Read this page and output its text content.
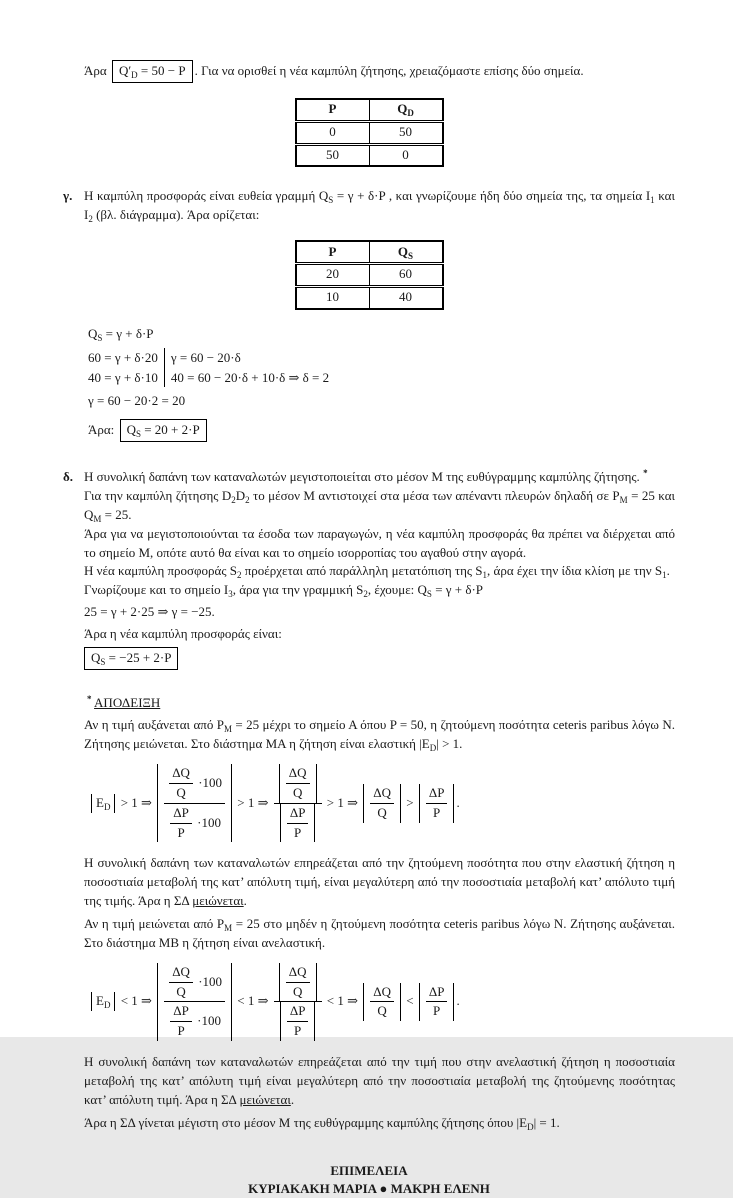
Άρα $Q'_D = 50 - P$ . Για να ορισθεί η νέα καμπύλη ζήτησης, χρειαζόμαστε επίσης δύο σημεία.
P	$Q_D$
0	50
50	0
γ. Η καμπύλη προσφοράς είναι ευθεία γραμμή $Q_S = \gamma + \delta\cdot P$ , και γνωρίζουμε ήδη δύο σημεία της, τα σημεία $I_1$ και $I_2$ (βλ. διάγραμμα). Άρα ορίζεται:
P	$Q_S$
20	60
10	40
$Q_S = \gamma + \delta\cdot P$
60 = γ + δ·20
40 = γ + δ·10
γ = 60 − 20·δ
40 = 60 − 20·δ + 10·δ ⇒ δ = 2
γ = 60 − 20·2 = 20
Άρα: $Q_S = 20 + 2\cdot P$
δ. Η συνολική δαπάνη των καταναλωτών μεγιστοποιείται στο μέσον Μ της ευθύγραμμης καμπύλης ζήτησης. *
Για την καμπύλη ζήτησης $D_2D_2$ το μέσον Μ αντιστοιχεί στα μέσα των απέναντι πλευρών δηλαδή σε $P_M = 25$ και $Q_M = 25$.
Άρα για να μεγιστοποιούνται τα έσοδα των παραγωγών, η νέα καμπύλη προσφοράς θα πρέπει να διέρχεται από το σημείο Μ, οπότε αυτό θα είναι και το σημείο ισορροπίας του αγαθού στην αγορά.
Η νέα καμπύλη προσφοράς $S_2$ προέρχεται από παράλληλη μετατόπιση της $S_1$, άρα έχει την ίδια κλίση με την $S_1$.
Γνωρίζουμε και το σημείο $I_3$, άρα για την γραμμική $S_2$, έχουμε: $Q_S = \gamma + \delta\cdot P$
25 = γ + 2·25 ⇒ γ = −25.
Άρα η νέα καμπύλη προσφοράς είναι:
$Q_S = -25 + 2\cdot P$
* ΑΠΟΔΕΙΞΗ
Αν η τιμή αυξάνεται από $P_M = 25$ μέχρι το σημείο Α όπου P = 50, η ζητούμενη ποσότητα ceteris paribus λόγω Ν. Ζήτησης μειώνεται. Στο διάστημα ΜΑ η ζήτηση είναι ελαστική $|E_D| > 1$.
$E_D > 1$ ⇒ $\frac{\frac{\Delta Q}{Q} \cdot 100}{\frac{\Delta P}{P} \cdot 100} > 1$ ⇒ $\frac{\frac{\Delta Q}{Q}}{\frac{\Delta P}{P}} > 1$ ⇒ $\frac{\Delta Q}{Q} > \frac{\Delta P}{P}$ .
Η συνολική δαπάνη των καταναλωτών επηρεάζεται από την ζητούμενη ποσότητα που στην ελαστική ζήτηση η ποσοστιαία μεταβολή της κατ’ απόλυτη τιμή, είναι μεγαλύτερη από την ποσοστιαία μεταβολή κατ’ απόλυτο τιμή της τιμής. Άρα η ΣΔ μειώνεται.
Αν η τιμή μειώνεται από $P_M = 25$ στο μηδέν η ζητούμενη ποσότητα ceteris paribus λόγω Ν. Ζήτησης αυξάνεται. Στο διάστημα ΜΒ η ζήτηση είναι ανελαστική.
$E_D < 1$ ⇒ $\frac{\frac{\Delta Q}{Q} \cdot 100}{\frac{\Delta P}{P} \cdot 100} < 1$ ⇒ $\frac{\frac{\Delta Q}{Q}}{\frac{\Delta P}{P}} < 1$ ⇒ $\frac{\Delta Q}{Q} < \frac{\Delta P}{P}$ .
Η συνολική δαπάνη των καταναλωτών επηρεάζεται από την τιμή που στην ανελαστική ζήτηση η ποσοστιαία μεταβολή της κατ’ απόλυτη τιμή είναι μεγαλύτερη από την ποσοστιαία μεταβολή της ζητούμενης ποσότητας κατ’ απόλυτη τιμή. Άρα η ΣΔ μειώνεται.
Άρα η ΣΔ γίνεται μέγιστη στο μέσον Μ της ευθύγραμμης καμπύλης ζήτησης όπου $|E_D| = 1$.
ΕΠΙΜΕΛΕΙΑ
ΚΥΡΙΑΚΑΚΗ ΜΑΡΙΑ ● ΜΑΚΡΗ ΕΛΕΝΗ
